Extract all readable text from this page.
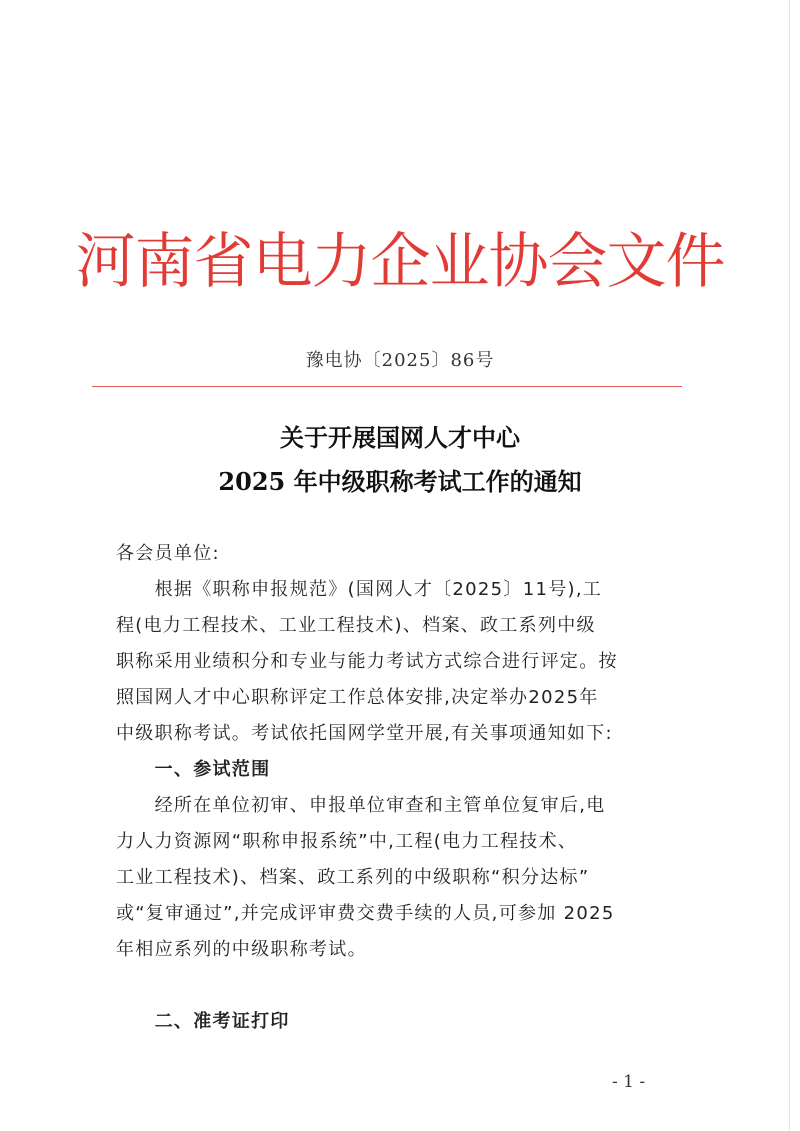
河南省电力企业协会文件
豫电协〔2025〕86号
关于开展国网人才中心
2025 年中级职称考试工作的通知
各会员单位:
　　根据《职称申报规范》(国网人才〔2025〕11号),工
程(电力工程技术、工业工程技术)、档案、政工系列中级
职称采用业绩积分和专业与能力考试方式综合进行评定。按
照国网人才中心职称评定工作总体安排,决定举办2025年
中级职称考试。考试依托国网学堂开展,有关事项通知如下:
　　一、参试范围
　　经所在单位初审、申报单位审查和主管单位复审后,电
力人力资源网“职称申报系统”中,工程(电力工程技术、
工业工程技术)、档案、政工系列的中级职称“积分达标”
或“复审通过”,并完成评审费交费手续的人员,可参加 2025
年相应系列的中级职称考试。
　　二、准考证打印
- 1 -
